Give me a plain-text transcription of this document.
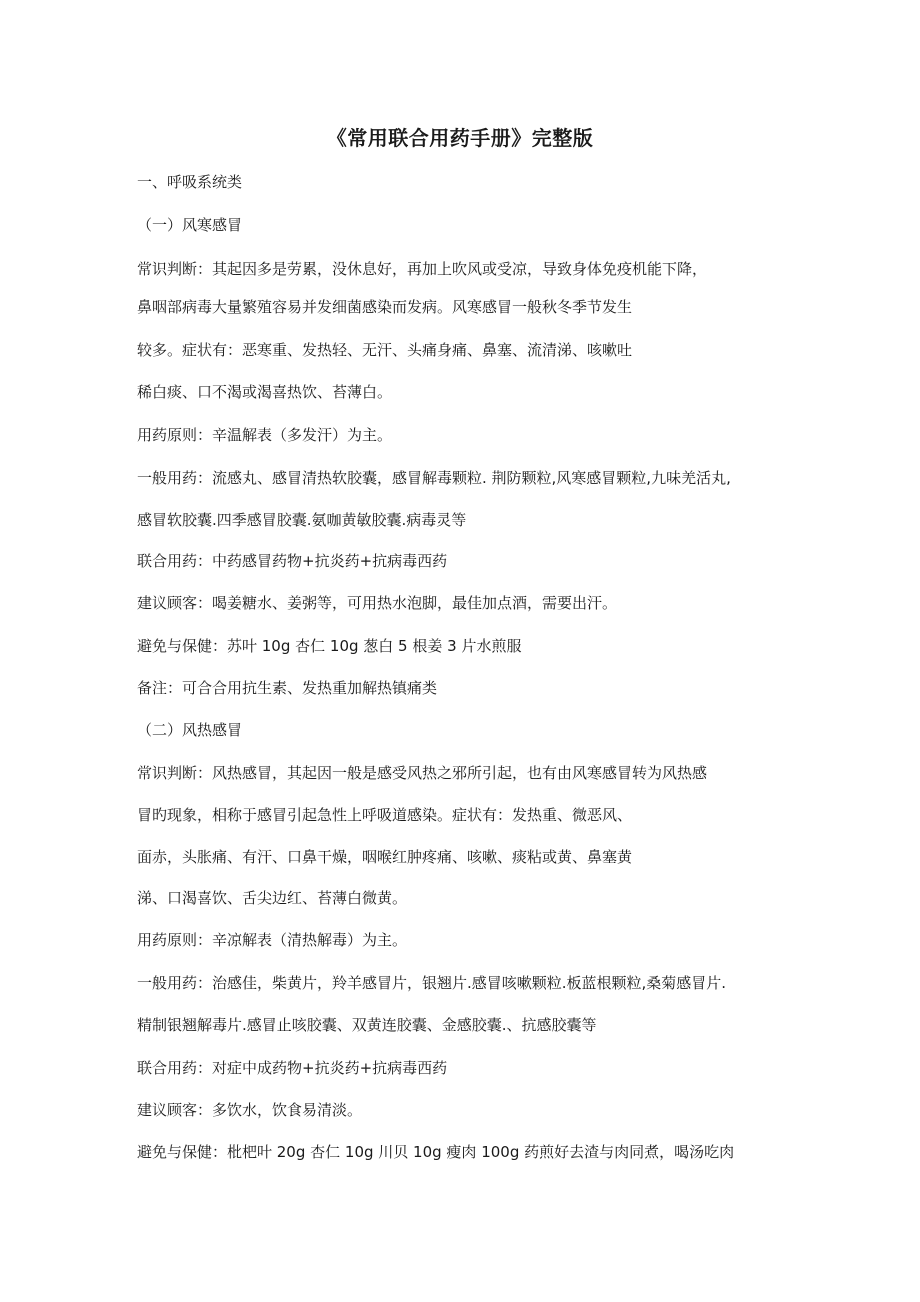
《常用联合用药手册》完整版
一、呼吸系统类
（一）风寒感冒
常识判断：其起因多是劳累，没休息好，再加上吹风或受凉，导致身体免疫机能下降，
鼻咽部病毒大量繁殖容易并发细菌感染而发病。风寒感冒一般秋冬季节发生
较多。症状有：恶寒重、发热轻、无汗、头痛身痛、鼻塞、流清涕、咳嗽吐
稀白痰、口不渴或渴喜热饮、苔薄白。
用药原则：辛温解表（多发汗）为主。
一般用药：流感丸、感冒清热软胶囊，感冒解毒颗粒. 荆防颗粒,风寒感冒颗粒,九味羌活丸,
感冒软胶囊.四季感冒胶囊.氨咖黄敏胶囊.病毒灵等
联合用药：中药感冒药物+抗炎药+抗病毒西药
建议顾客：喝姜糖水、姜粥等，可用热水泡脚，最佳加点酒，需要出汗。
避免与保健：苏叶 10g 杏仁 10g 葱白 5 根姜 3 片水煎服
备注：可合合用抗生素、发热重加解热镇痛类
（二）风热感冒
常识判断：风热感冒，其起因一般是感受风热之邪所引起，也有由风寒感冒转为风热感
冒旳现象，相称于感冒引起急性上呼吸道感染。症状有：发热重、微恶风、
面赤，头胀痛、有汗、口鼻干燥，咽喉红肿疼痛、咳嗽、痰粘或黄、鼻塞黄
涕、口渴喜饮、舌尖边红、苔薄白微黄。
用药原则：辛凉解表（清热解毒）为主。
一般用药：治感佳，柴黄片，羚羊感冒片，银翘片.感冒咳嗽颗粒.板蓝根颗粒,桑菊感冒片.
精制银翘解毒片.感冒止咳胶囊、双黄连胶囊、金感胶囊.、抗感胶囊等
联合用药：对症中成药物+抗炎药+抗病毒西药
建议顾客：多饮水，饮食易清淡。
避免与保健：枇杷叶 20g 杏仁 10g 川贝 10g 瘦肉 100g 药煎好去渣与肉同煮，喝汤吃肉
